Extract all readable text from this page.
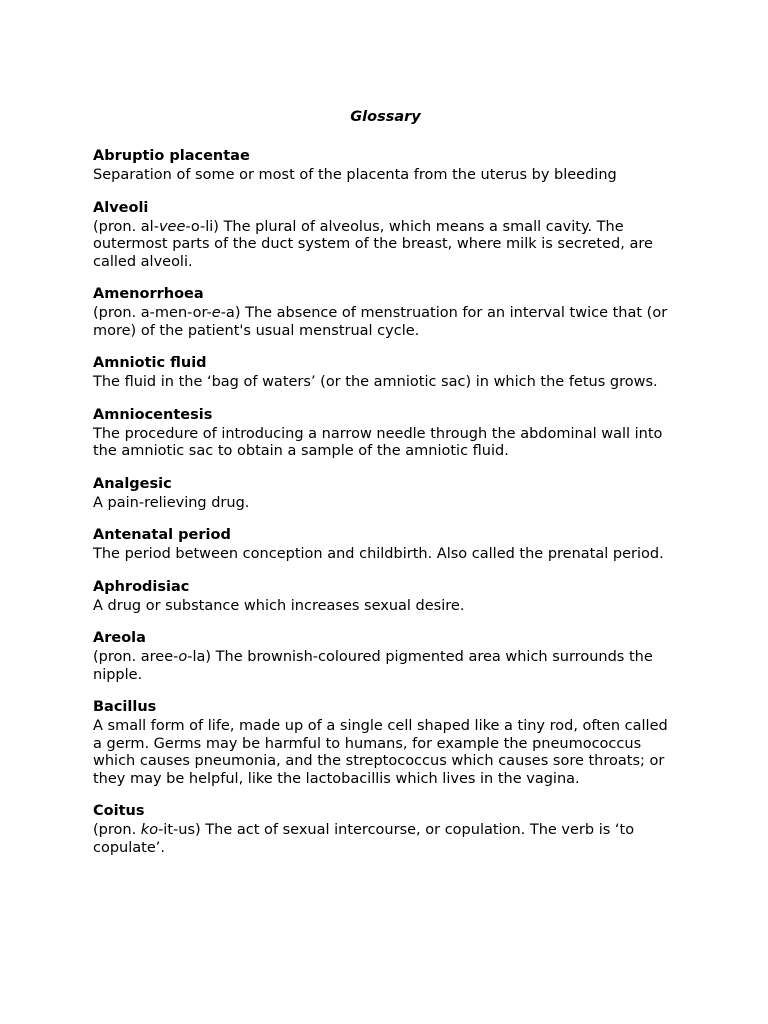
Glossary
Abruptio placentae

Separation of some or most of the placenta from the uterus by bleeding

Alveoli

(pron. al-vee-o-li) The plural of alveolus, which means a small cavity. The outermost parts of the duct system of the breast, where milk is secreted, are called alveoli.

Amenorrhoea

(pron. a-men-or-e-a) The absence of menstruation for an interval twice that (or more) of the patient's usual menstrual cycle.

Amniotic fluid

The fluid in the ‘bag of waters’ (or the amniotic sac) in which the fetus grows.

Amniocentesis

The procedure of introducing a narrow needle through the abdominal wall into the amniotic sac to obtain a sample of the amniotic fluid.

Analgesic

A pain-relieving drug.

Antenatal period

The period between conception and childbirth. Also called the prenatal period.

Aphrodisiac

A drug or substance which increases sexual desire.

Areola

(pron. aree-o-la) The brownish-coloured pigmented area which surrounds the nipple.

Bacillus

A small form of life, made up of a single cell shaped like a tiny rod, often called a germ. Germs may be harmful to humans, for example the pneumococcus which causes pneumonia, and the streptococcus which causes sore throats; or they may be helpful, like the lactobacillis which lives in the vagina.

Coitus

(pron. ko-it-us) The act of sexual intercourse, or copulation. The verb is ‘to copulate’.
